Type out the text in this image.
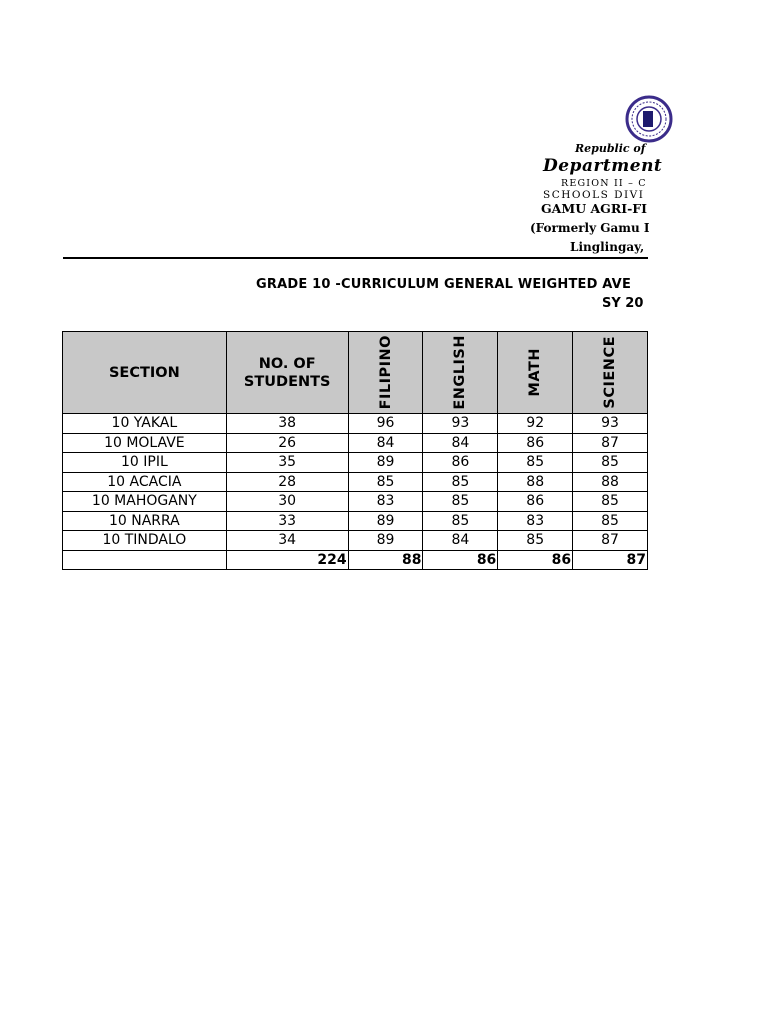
Republic of
Department
REGION II – C
SCHOOLS DIVI
GAMU AGRI-FI
(Formerly Gamu I
Linglingay,
GRADE 10 -CURRICULUM GENERAL WEIGHTED AVE
SY 20
SECTION	NO. OF STUDENTS	FILIPINO	ENGLISH	MATH	SCIENCE

10 YAKAL	38	96	93	92	93
10 MOLAVE	26	84	84	86	87
10 IPIL	35	89	86	85	85
10 ACACIA	28	85	85	88	88
10 MAHOGANY	30	83	85	86	85
10 NARRA	33	89	85	83	85
10 TINDALO	34	89	84	85	87
	224	88	86	86	87
